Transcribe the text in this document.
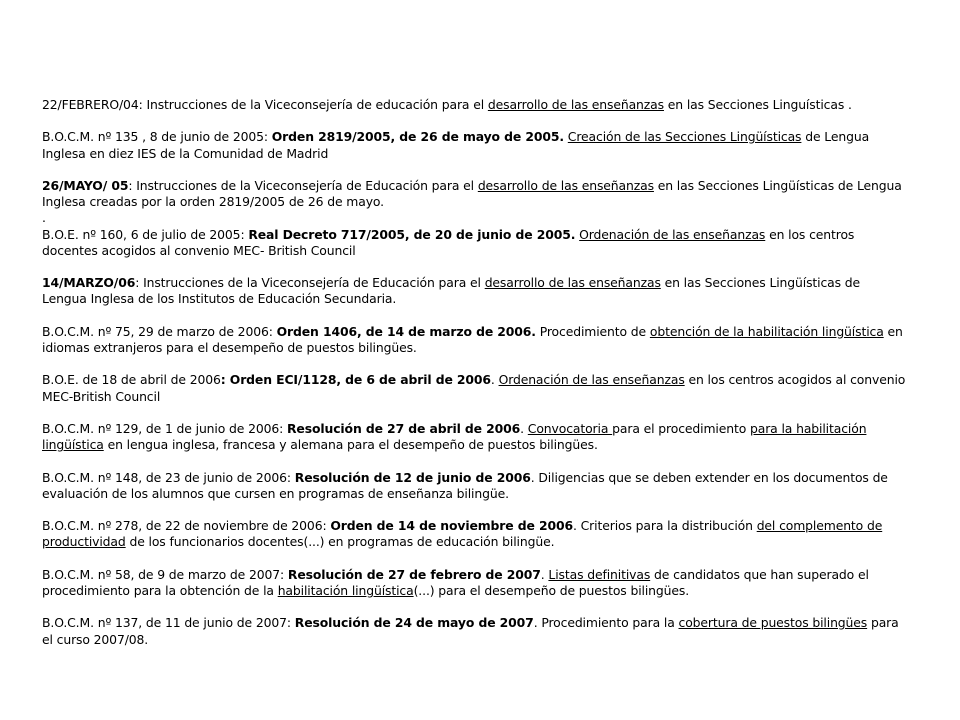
22/FEBRERO/04: Instrucciones de la Viceconsejería de educación para el desarrollo de las enseñanzas en las Secciones Linguísticas .

B.O.C.M. nº 135 , 8 de junio de 2005: Orden 2819/2005, de 26 de mayo de 2005. Creación de las Secciones Lingüísticas de Lengua Inglesa en diez IES de la Comunidad de Madrid

26/MAYO/ 05: Instrucciones de la Viceconsejería de Educación para el desarrollo de las enseñanzas en las Secciones Lingüísticas de Lengua Inglesa creadas por la orden 2819/2005 de 26 de mayo.

.

B.O.E. nº 160, 6 de julio de 2005: Real Decreto 717/2005, de 20 de junio de 2005. Ordenación de las enseñanzas en los centros docentes acogidos al convenio MEC- British Council

14/MARZO/06: Instrucciones de la Viceconsejería de Educación para el desarrollo de las enseñanzas en las Secciones Lingüísticas de Lengua Inglesa de los Institutos de Educación Secundaria.

B.O.C.M. nº 75, 29 de marzo de 2006: Orden 1406, de 14 de marzo de 2006. Procedimiento de obtención de la habilitación lingüística en idiomas extranjeros para el desempeño de puestos bilingües.

B.O.E. de 18 de abril de 2006: Orden ECI/1128, de 6 de abril de 2006. Ordenación de las enseñanzas en los centros acogidos al convenio MEC-British Council

B.O.C.M. nº 129, de 1 de junio de 2006: Resolución de 27 de abril de 2006. Convocatoria para el procedimiento para la habilitación lingüística en lengua inglesa, francesa y alemana para el desempeño de puestos bilingües.

B.O.C.M. nº 148, de 23 de junio de 2006: Resolución de 12 de junio de 2006. Diligencias que se deben extender en los documentos de evaluación de los alumnos que cursen en programas de enseñanza bilingüe.

B.O.C.M. nº 278, de 22 de noviembre de 2006: Orden de 14 de noviembre de 2006. Criterios para la distribución del complemento de productividad de los funcionarios docentes(...) en programas de educación bilingüe.

B.O.C.M. nº 58, de 9 de marzo de 2007: Resolución de 27 de febrero de 2007. Listas definitivas de candidatos que han superado el procedimiento para la obtención de la habilitación lingüística(...) para el desempeño de puestos bilingües.

B.O.C.M. nº 137, de 11 de junio de 2007: Resolución de 24 de mayo de 2007. Procedimiento para la cobertura de puestos bilingües para el curso 2007/08.
